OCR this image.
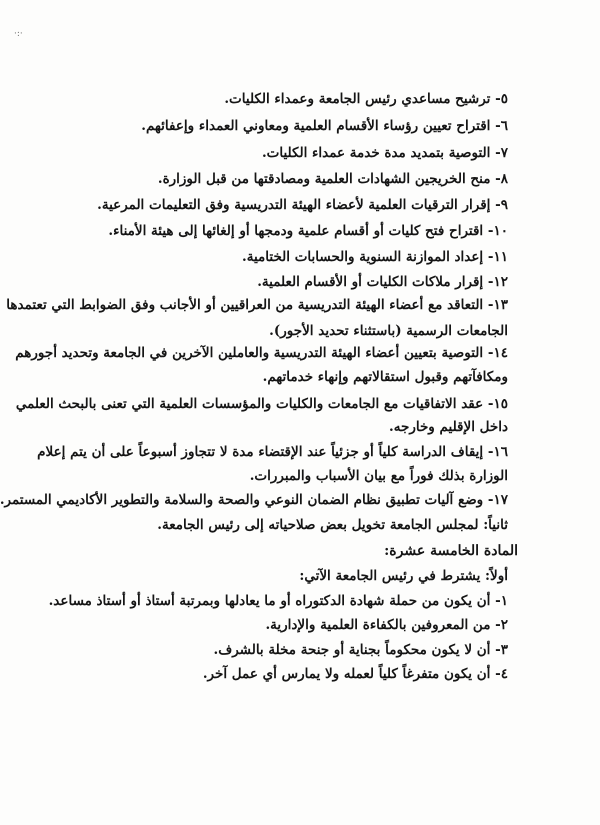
·:·
٥- ترشيح مساعدي رئيس الجامعة وعمداء الكليات.
٦- اقتراح تعيين رؤساء الأقسام العلمية ومعاوني العمداء وإعفائهم.
٧- التوصية بتمديد مدة خدمة عمداء الكليات.
٨- منح الخريجين الشهادات العلمية ومصادقتها من قبل الوزارة.
٩- إقرار الترقيات العلمية لأعضاء الهيئة التدريسية وفق التعليمات المرعية.
١٠- اقتراح فتح كليات أو أقسام علمية ودمجها أو إلغائها إلى هيئة الأمناء.
١١- إعداد الموازنة السنوية والحسابات الختامية.
١٢- إقرار ملاكات الكليات أو الأقسام العلمية.
١٣- التعاقد مع أعضاء الهيئة التدريسية من العراقيين أو الأجانب وفق الضوابط التي تعتمدها
الجامعات الرسمية (باستثناء تحديد الأجور).
١٤- التوصية بتعيين أعضاء الهيئة التدريسية والعاملين الآخرين في الجامعة وتحديد أجورهم
ومكافآتهم وقبول استقالاتهم وإنهاء خدماتهم.
١٥- عقد الاتفاقيات مع الجامعات والكليات والمؤسسات العلمية التي تعنى بالبحث العلمي
داخل الإقليم وخارجه.
١٦- إيقاف الدراسة كلياً أو جزئياً عند الإقتضاء مدة لا تتجاوز أسبوعاً على أن يتم إعلام
الوزارة بذلك فوراً مع بيان الأسباب والمبررات.
١٧- وضع آليات تطبيق نظام الضمان النوعي والصحة والسلامة والتطوير الأكاديمي المستمر.
ثانياً: لمجلس الجامعة تخويل بعض صلاحياته إلى رئيس الجامعة.
المادة الخامسة عشرة:
أولاً: يشترط في رئيس الجامعة الآتي:
١- أن يكون من حملة شهادة الدكتوراه أو ما يعادلها وبمرتبة أستاذ أو أستاذ مساعد.
٢- من المعروفين بالكفاءة العلمية والإدارية.
٣- أن لا يكون محكوماً بجناية أو جنحة مخلة بالشرف.
٤- أن يكون متفرغاً كلياً لعمله ولا يمارس أي عمل آخر.
